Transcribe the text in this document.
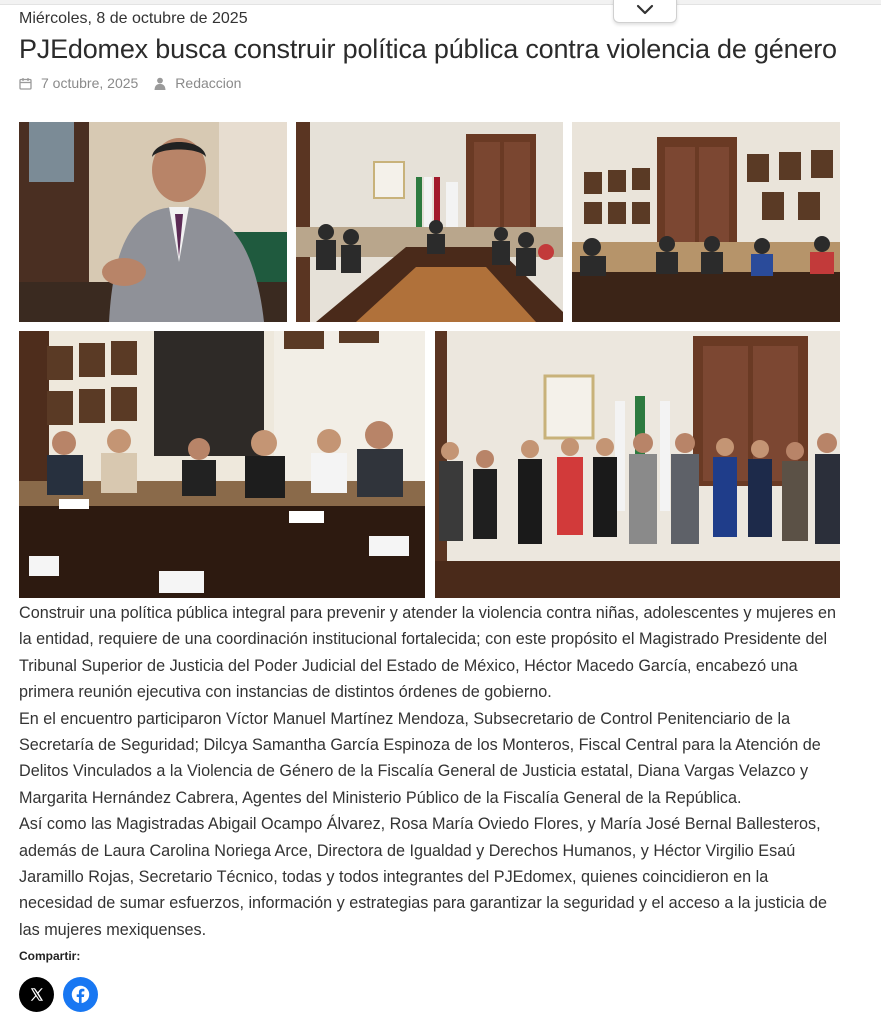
Miércoles, 8 de octubre de 2025
PJEdomex busca construir política pública contra violencia de género
7 octubre, 2025	Redaccion

Construir una política pública integral para prevenir y atender la violencia contra niñas, adolescentes y mujeres en la entidad, requiere de una coordinación institucional fortalecida; con este propósito el Magistrado Presidente del Tribunal Superior de Justicia del Poder Judicial del Estado de México, Héctor Macedo García, encabezó una primera reunión ejecutiva con instancias de distintos órdenes de gobierno.

En el encuentro participaron Víctor Manuel Martínez Mendoza, Subsecretario de Control Penitenciario de la Secretaría de Seguridad; Dilcya Samantha García Espinoza de los Monteros, Fiscal Central para la Atención de Delitos Vinculados a la Violencia de Género de la Fiscalía General de Justicia estatal, Diana Vargas Velazco y Margarita Hernández Cabrera, Agentes del Ministerio Público de la Fiscalía General de la República.

Así como las Magistradas Abigail Ocampo Álvarez, Rosa María Oviedo Flores, y María José Bernal Ballesteros, además de Laura Carolina Noriega Arce, Directora de Igualdad y Derechos Humanos, y Héctor Virgilio Esaú Jaramillo Rojas, Secretario Técnico, todas y todos integrantes del PJEdomex, quienes coincidieron en la necesidad de sumar esfuerzos, información y estrategias para garantizar la seguridad y el acceso a la justicia de las mujeres mexiquenses.

Compartir:
